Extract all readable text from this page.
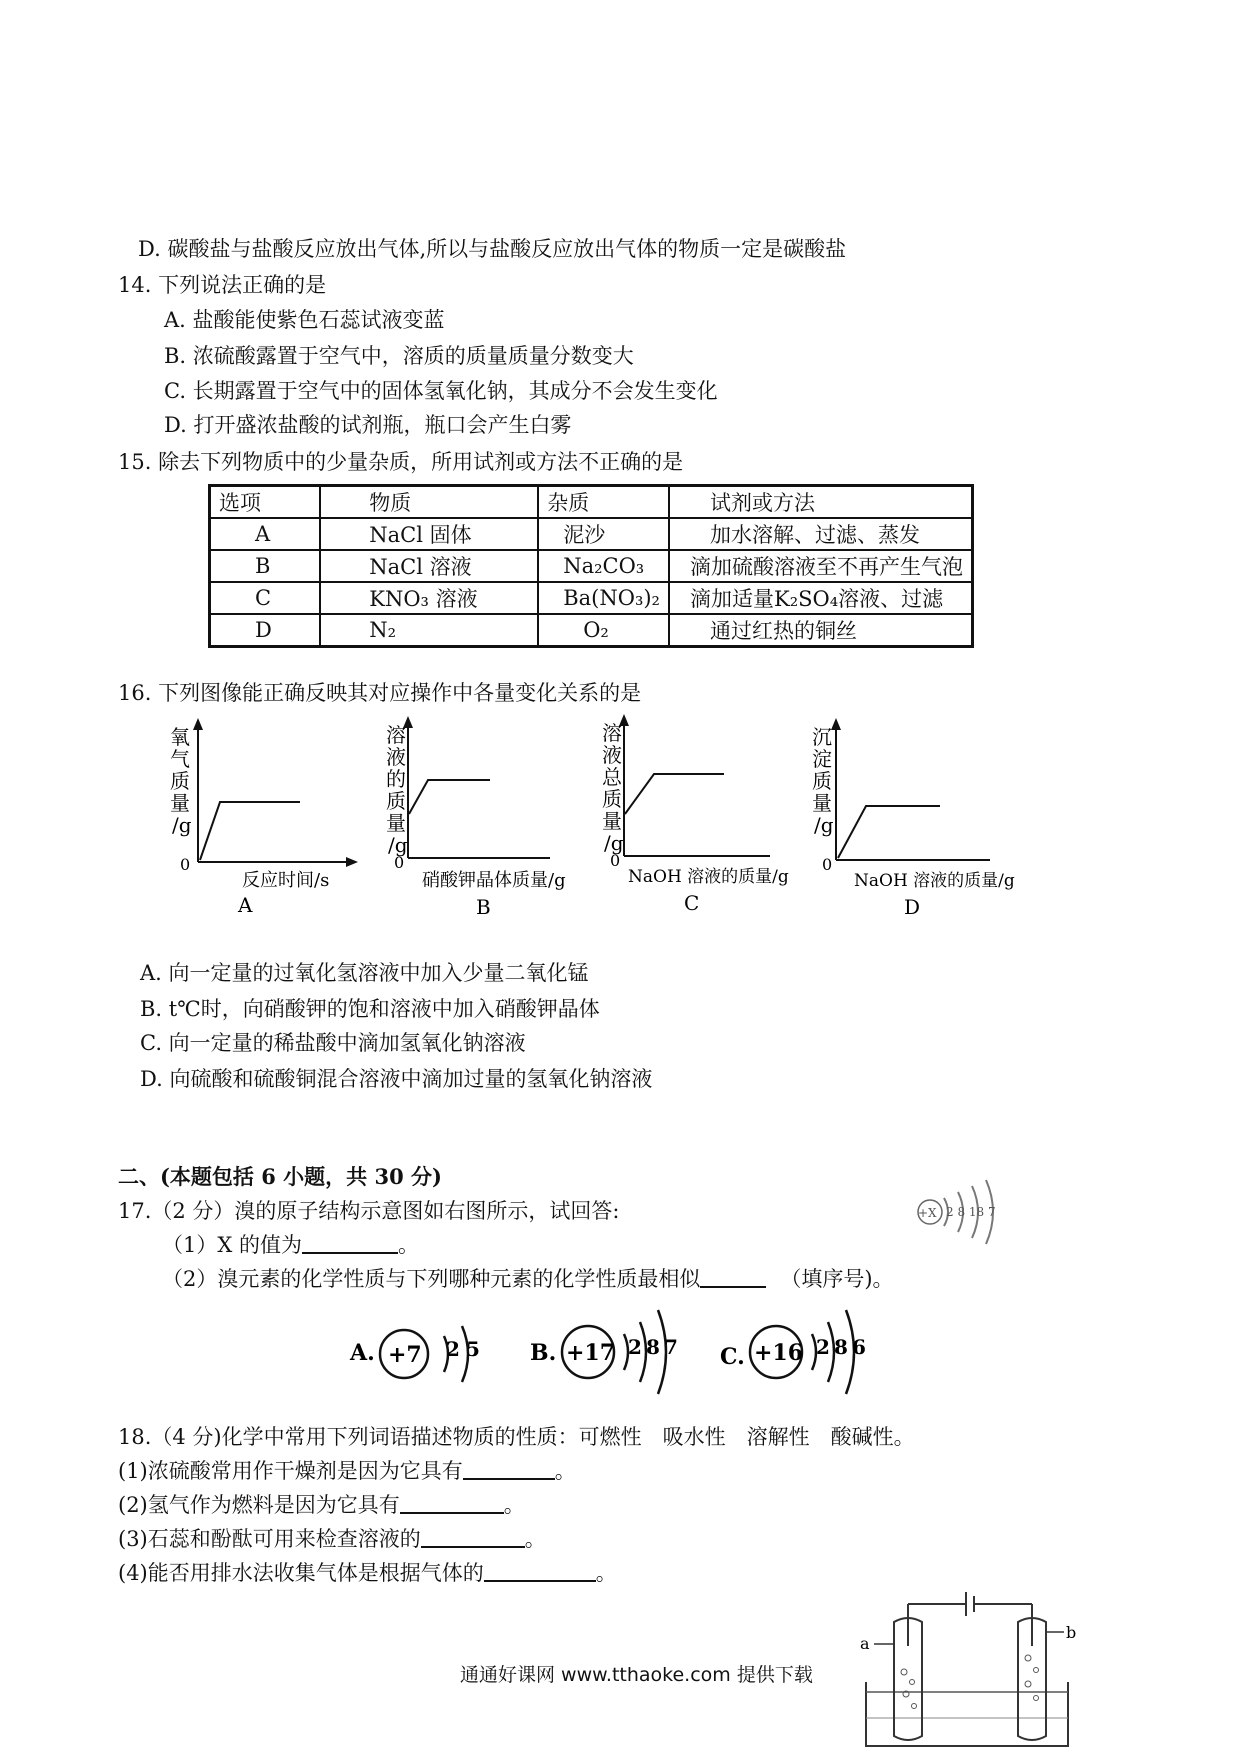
D. 碳酸盐与盐酸反应放出气体,所以与盐酸反应放出气体的物质一定是碳酸盐
14. 下列说法正确的是
A. 盐酸能使紫色石蕊试液变蓝
B. 浓硫酸露置于空气中，溶质的质量质量分数变大
C. 长期露置于空气中的固体氢氧化钠，其成分不会发生变化
D. 打开盛浓盐酸的试剂瓶，瓶口会产生白雾
15. 除去下列物质中的少量杂质，所用试剂或方法不正确的是
选项	物质	杂质	试剂或方法
A	NaCl 固体	泥沙	加水溶解、过滤、蒸发
B	NaCl 溶液	Na₂CO₃	滴加硫酸溶液至不再产生气泡
C	KNO₃ 溶液	Ba(NO₃)₂	滴加适量K₂SO₄溶液、过滤
D	N₂	O₂	通过红热的铜丝
16. 下列图像能正确反映其对应操作中各量变化关系的是
氧 气 质 量 /g
0
反应时间/s
A
溶 液 的 质 量 /g
0
硝酸钾晶体质量/g
B
溶 液 总 质 量 /g
0
NaOH 溶液的质量/g
C
沉 淀 质 量 /g
0
NaOH 溶液的质量/g
D
A. 向一定量的过氧化氢溶液中加入少量二氧化锰
B. t℃时，向硝酸钾的饱和溶液中加入硝酸钾晶体
C. 向一定量的稀盐酸中滴加氢氧化钠溶液
D. 向硫酸和硫酸铜混合溶液中滴加过量的氢氧化钠溶液
二、(本题包括 6 小题，共 30 分)
17.（2 分）溴的原子结构示意图如右图所示，试回答:
（1）X 的值为	。
（2）溴元素的化学性质与下列哪种元素的化学性质最相似	（填序号)。
+X 2 8 18 7
A. +7 2 5 B. +17 2 8 7 C. +16 2 8 6
18.（4 分)化学中常用下列词语描述物质的性质：可燃性　吸水性　溶解性　酸碱性。
(1)浓硫酸常用作干燥剂是因为它具有	。
(2)氢气作为燃料是因为它具有	。
(3)石蕊和酚酞可用来检查溶液的	。
(4)能否用排水法收集气体是根据气体的	。
a
b
通通好课网 www.tthaoke.com 提供下载
